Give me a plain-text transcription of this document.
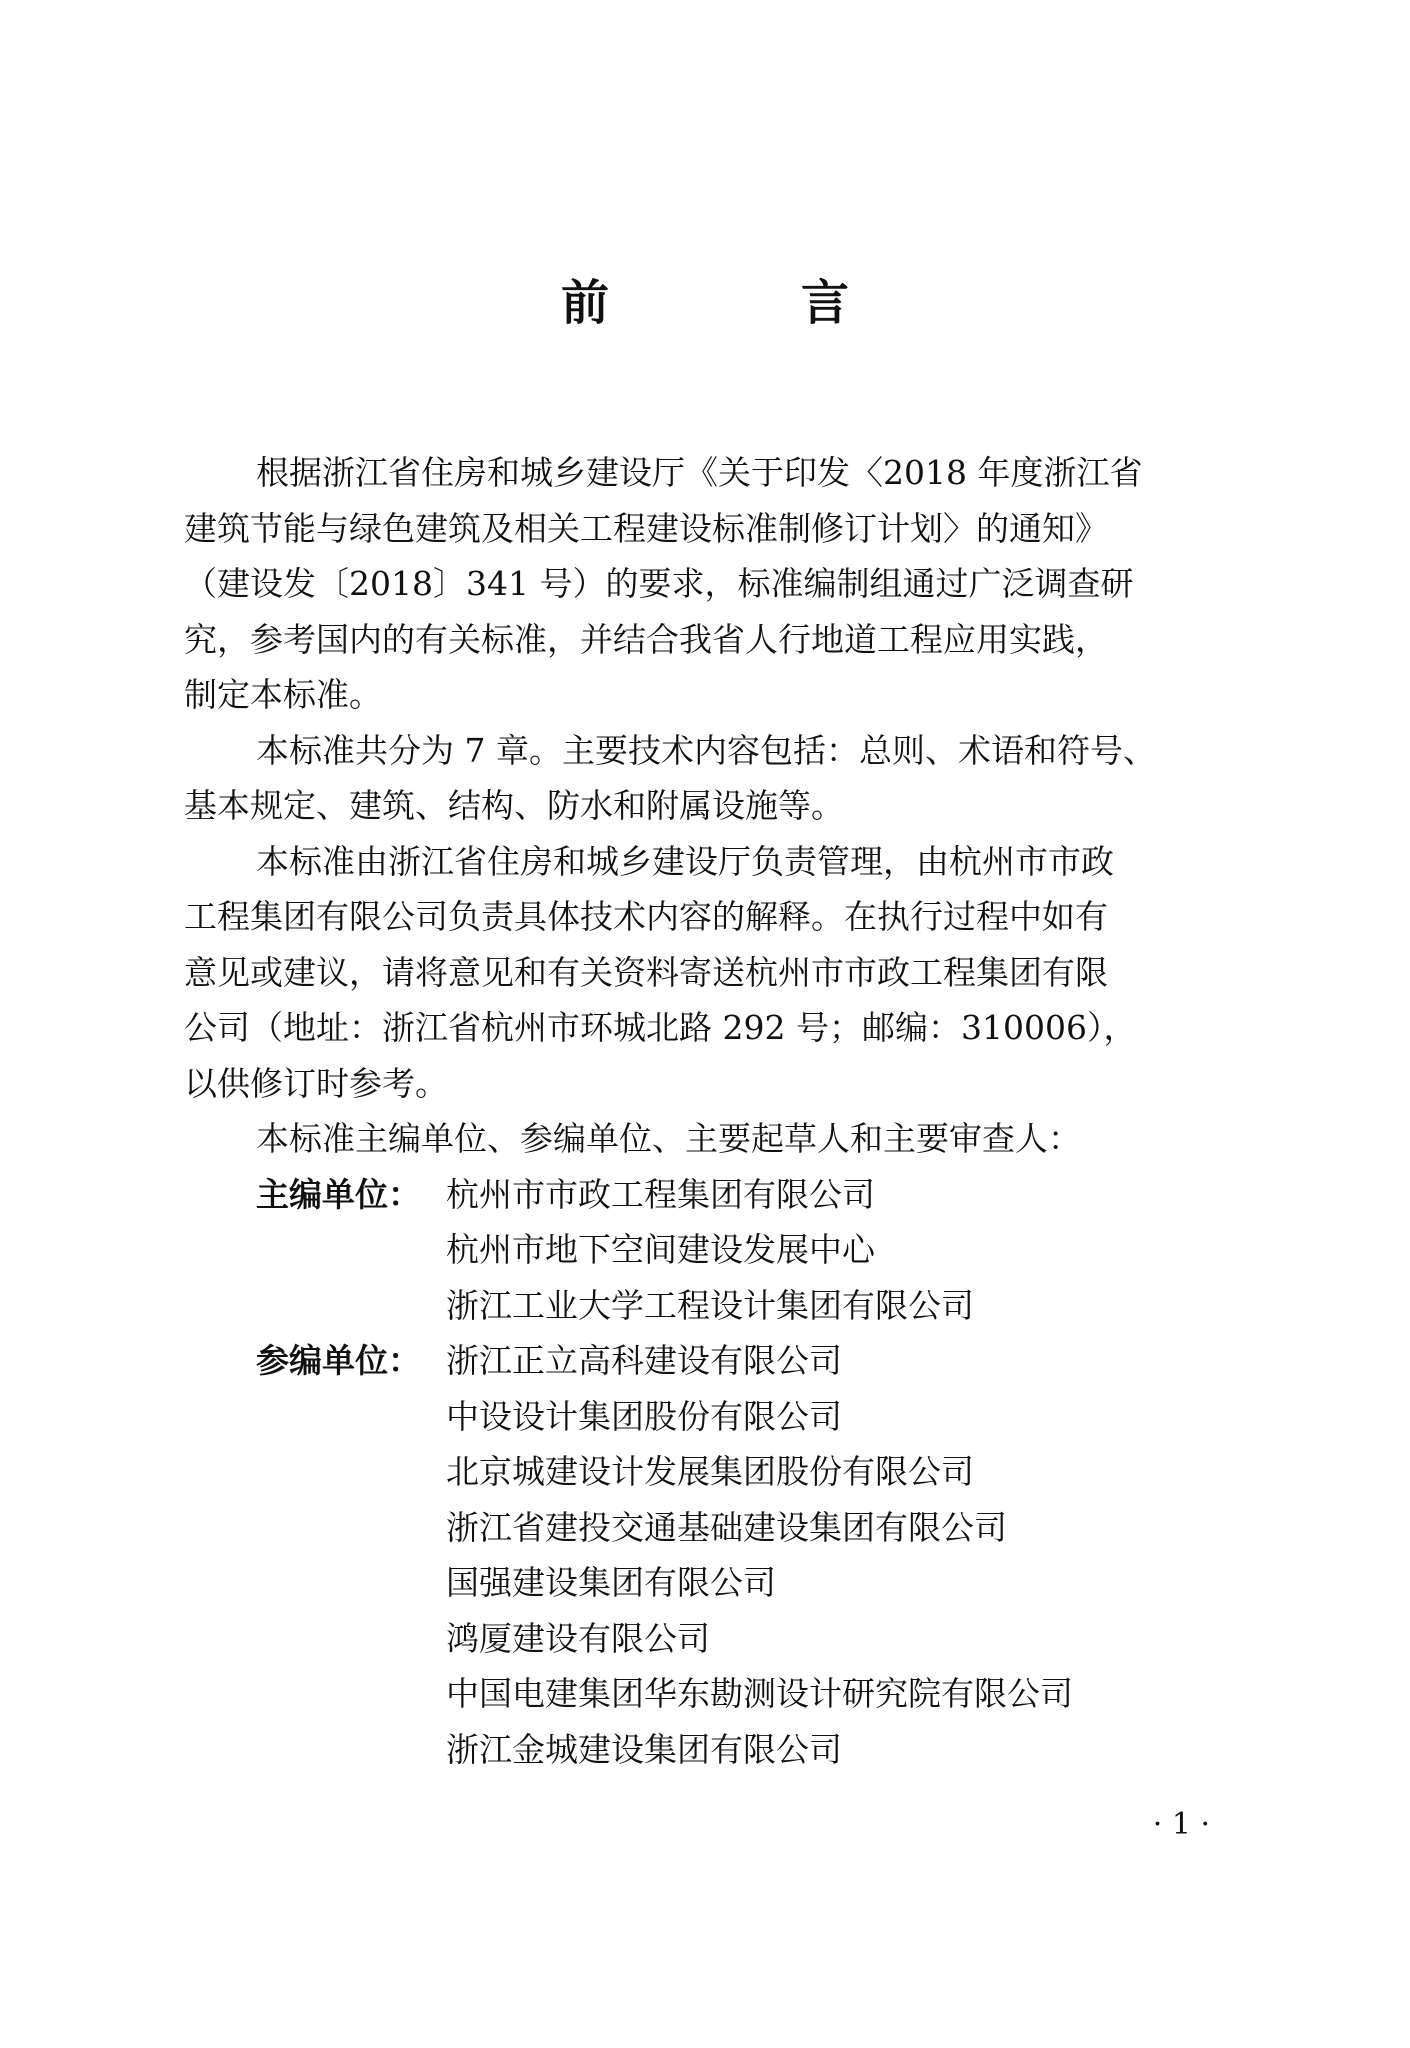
前　言
根据浙江省住房和城乡建设厅《关于印发〈2018 年度浙江省
建筑节能与绿色建筑及相关工程建设标准制修订计划〉的通知》
（建设发〔2018〕341 号）的要求，标准编制组通过广泛调查研
究，参考国内的有关标准，并结合我省人行地道工程应用实践，
制定本标准。
本标准共分为 7 章。主要技术内容包括：总则、术语和符号、
基本规定、建筑、结构、防水和附属设施等。
本标准由浙江省住房和城乡建设厅负责管理，由杭州市市政
工程集团有限公司负责具体技术内容的解释。在执行过程中如有
意见或建议，请将意见和有关资料寄送杭州市市政工程集团有限
公司（地址：浙江省杭州市环城北路 292 号；邮编：310006），
以供修订时参考。
本标准主编单位、参编单位、主要起草人和主要审查人：
主编单位： 杭州市市政工程集团有限公司
杭州市地下空间建设发展中心
浙江工业大学工程设计集团有限公司
参编单位： 浙江正立高科建设有限公司
中设设计集团股份有限公司
北京城建设计发展集团股份有限公司
浙江省建投交通基础建设集团有限公司
国强建设集团有限公司
鸿厦建设有限公司
中国电建集团华东勘测设计研究院有限公司
浙江金城建设集团有限公司
· 1 ·
